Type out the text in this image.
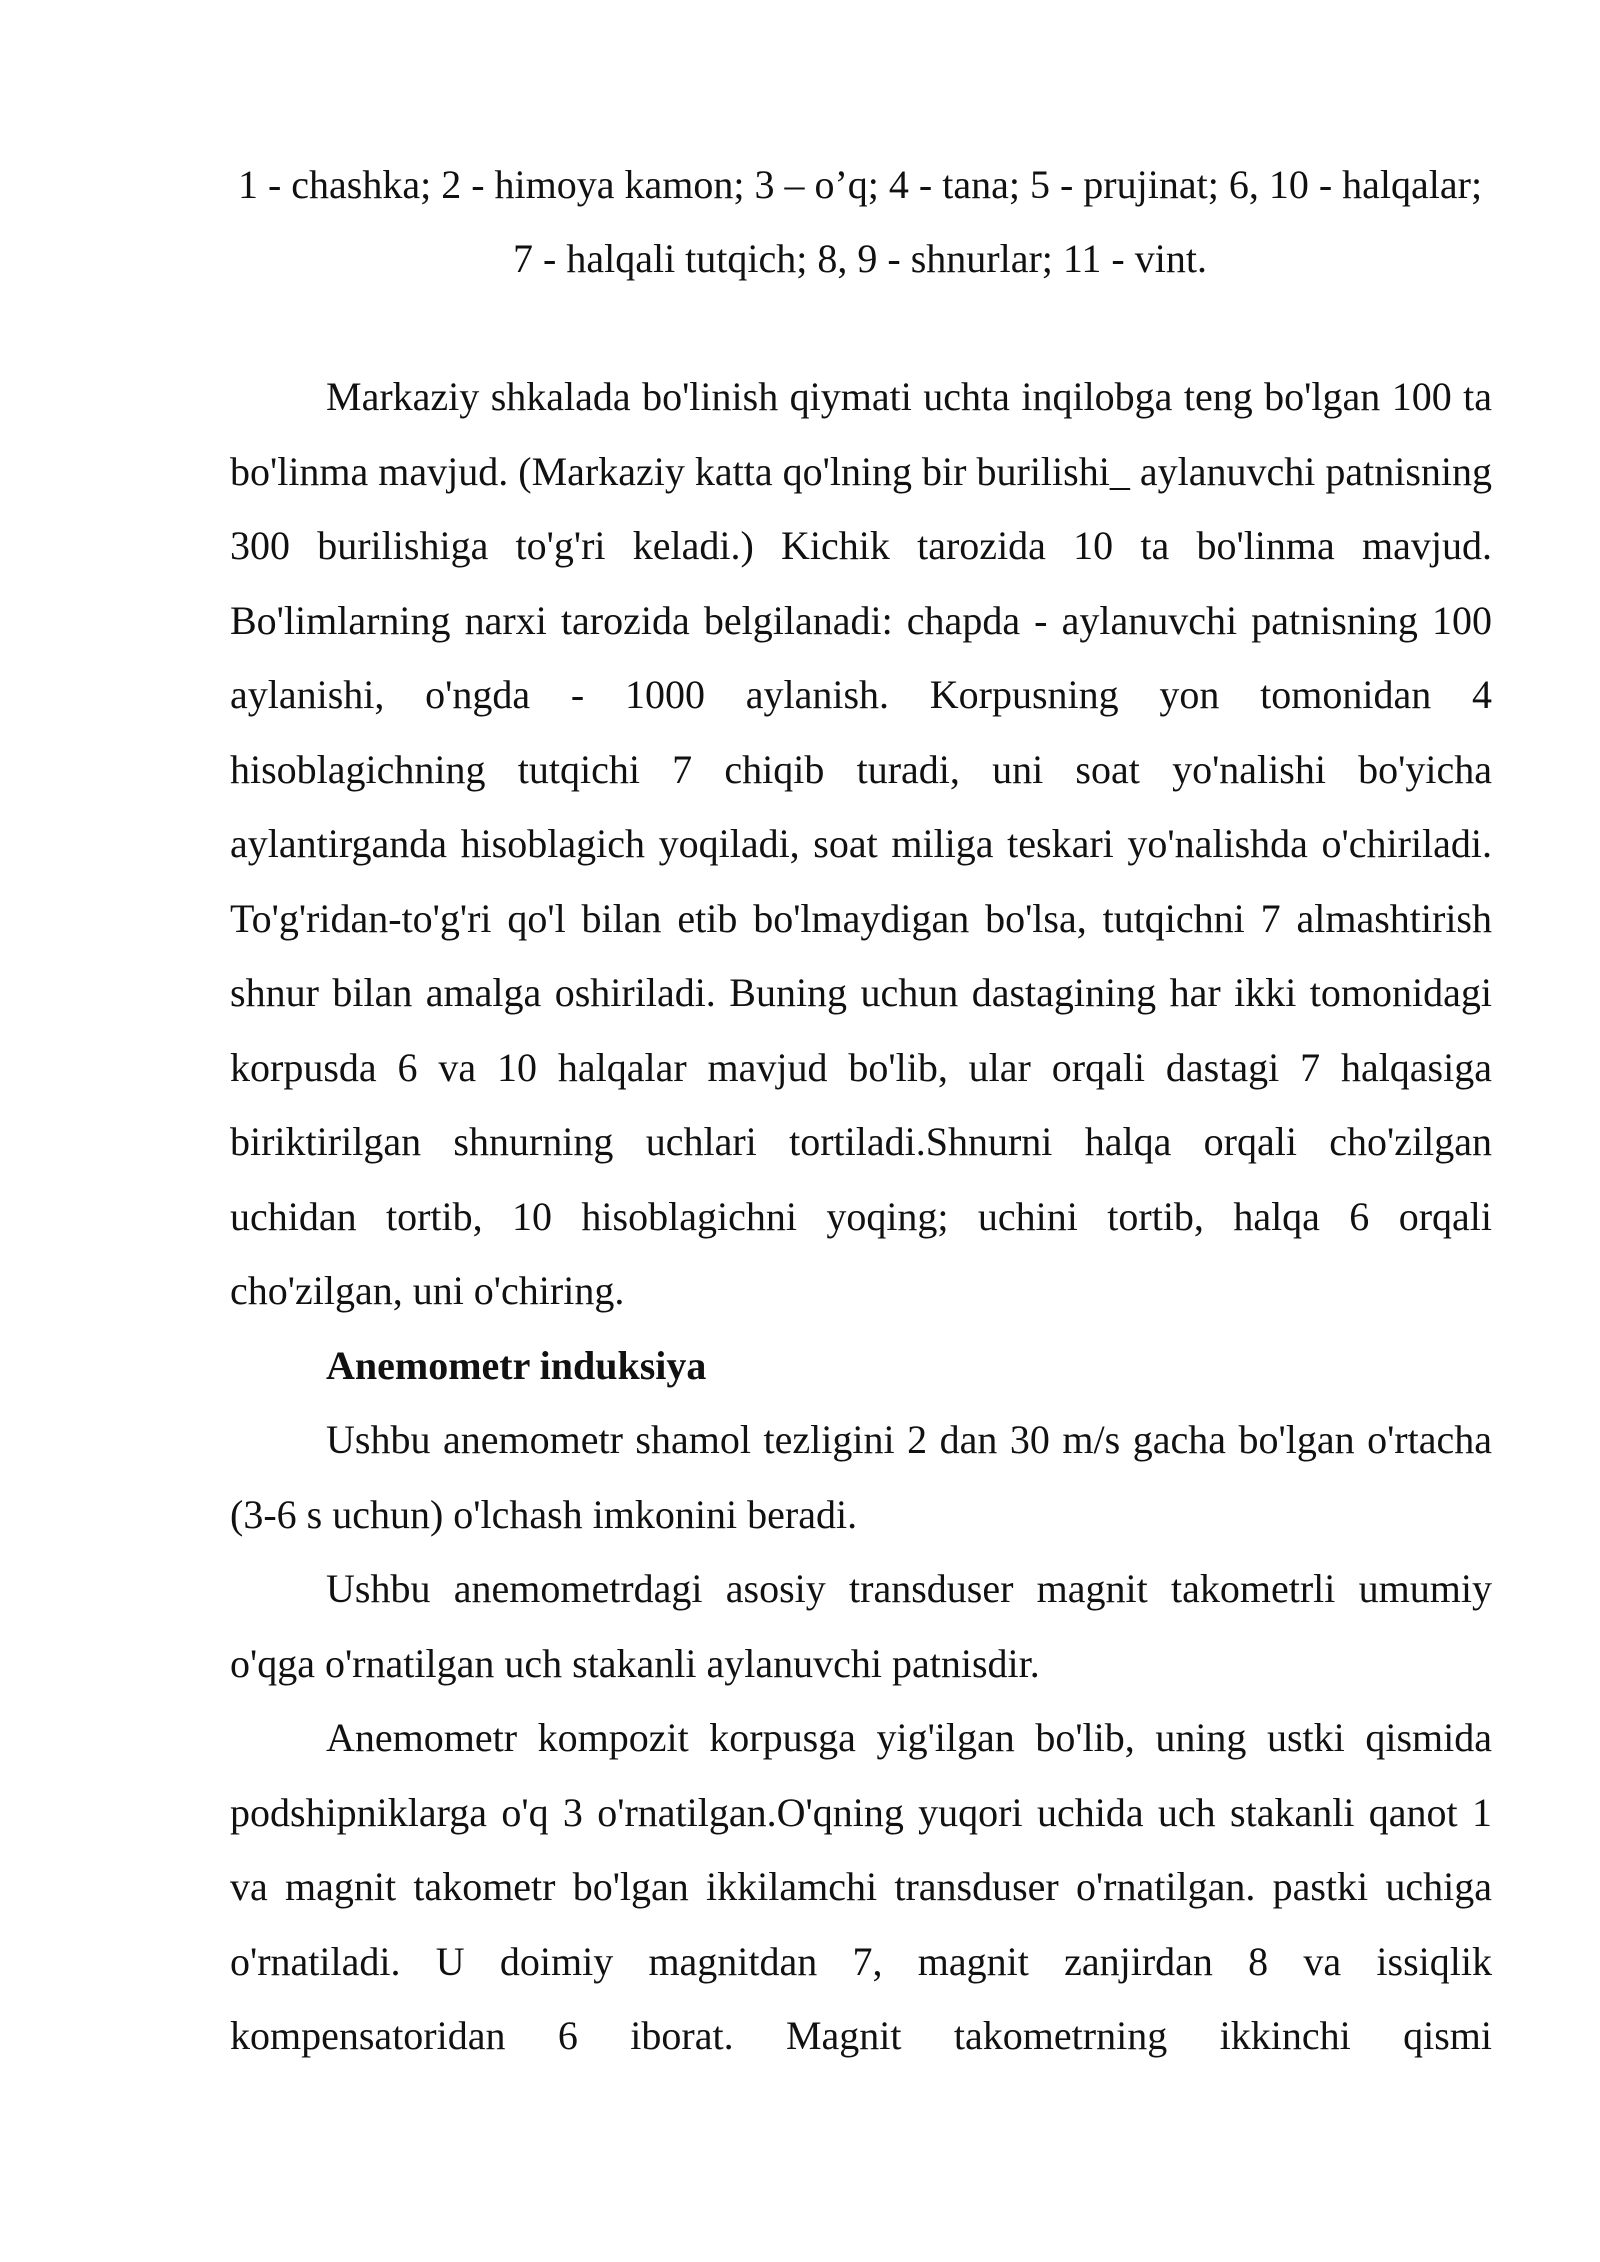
1 - chashka; 2 - himoya kamon; 3 – o’q; 4 - tana; 5 - prujinat; 6, 10 - halqalar; 7 - halqali tutqich; 8, 9 - shnurlar; 11 - vint.

Markaziy shkalada bo'linish qiymati uchta inqilobga teng bo'lgan 100 ta bo'linma mavjud. (Markaziy katta qo'lning bir burilishi_ aylanuvchi patnisning 300 burilishiga to'g'ri keladi.) Kichik tarozida 10 ta bo'linma mavjud. Bo'limlarning narxi tarozida belgilanadi: chapda - aylanuvchi patnisning 100 aylanishi, o'ngda - 1000 aylanish. Korpusning yon tomonidan 4 hisoblagichning tutqichi 7 chiqib turadi, uni soat yo'nalishi bo'yicha aylantirganda hisoblagich yoqiladi, soat miliga teskari yo'nalishda o'chiriladi. To'g'ridan-to'g'ri qo'l bilan etib bo'lmaydigan bo'lsa, tutqichni 7 almashtirish shnur bilan amalga oshiriladi. Buning uchun dastagining har ikki tomonidagi korpusda 6 va 10 halqalar mavjud bo'lib, ular orqali dastagi 7 halqasiga biriktirilgan shnurning uchlari tortiladi.Shnurni halqa orqali cho'zilgan uchidan tortib, 10 hisoblagichni yoqing; uchini tortib, halqa 6 orqali cho'zilgan, uni o'chiring.

Anemometr induksiya

Ushbu anemometr shamol tezligini 2 dan 30 m/s gacha bo'lgan o'rtacha (3-6 s uchun) o'lchash imkonini beradi.

Ushbu anemometrdagi asosiy transduser magnit takometrli umumiy o'qga o'rnatilgan uch stakanli aylanuvchi patnisdir.

Anemometr kompozit korpusga yig'ilgan bo'lib, uning ustki qismida podshipniklarga o'q 3 o'rnatilgan.O'qning yuqori uchida uch stakanli qanot 1 va magnit takometr bo'lgan ikkilamchi transduser o'rnatilgan. pastki uchiga o'rnatiladi. U doimiy magnitdan 7, magnit zanjirdan 8 va issiqlik kompensatoridan 6 iborat. Magnit takometrning ikkinchi qismi
